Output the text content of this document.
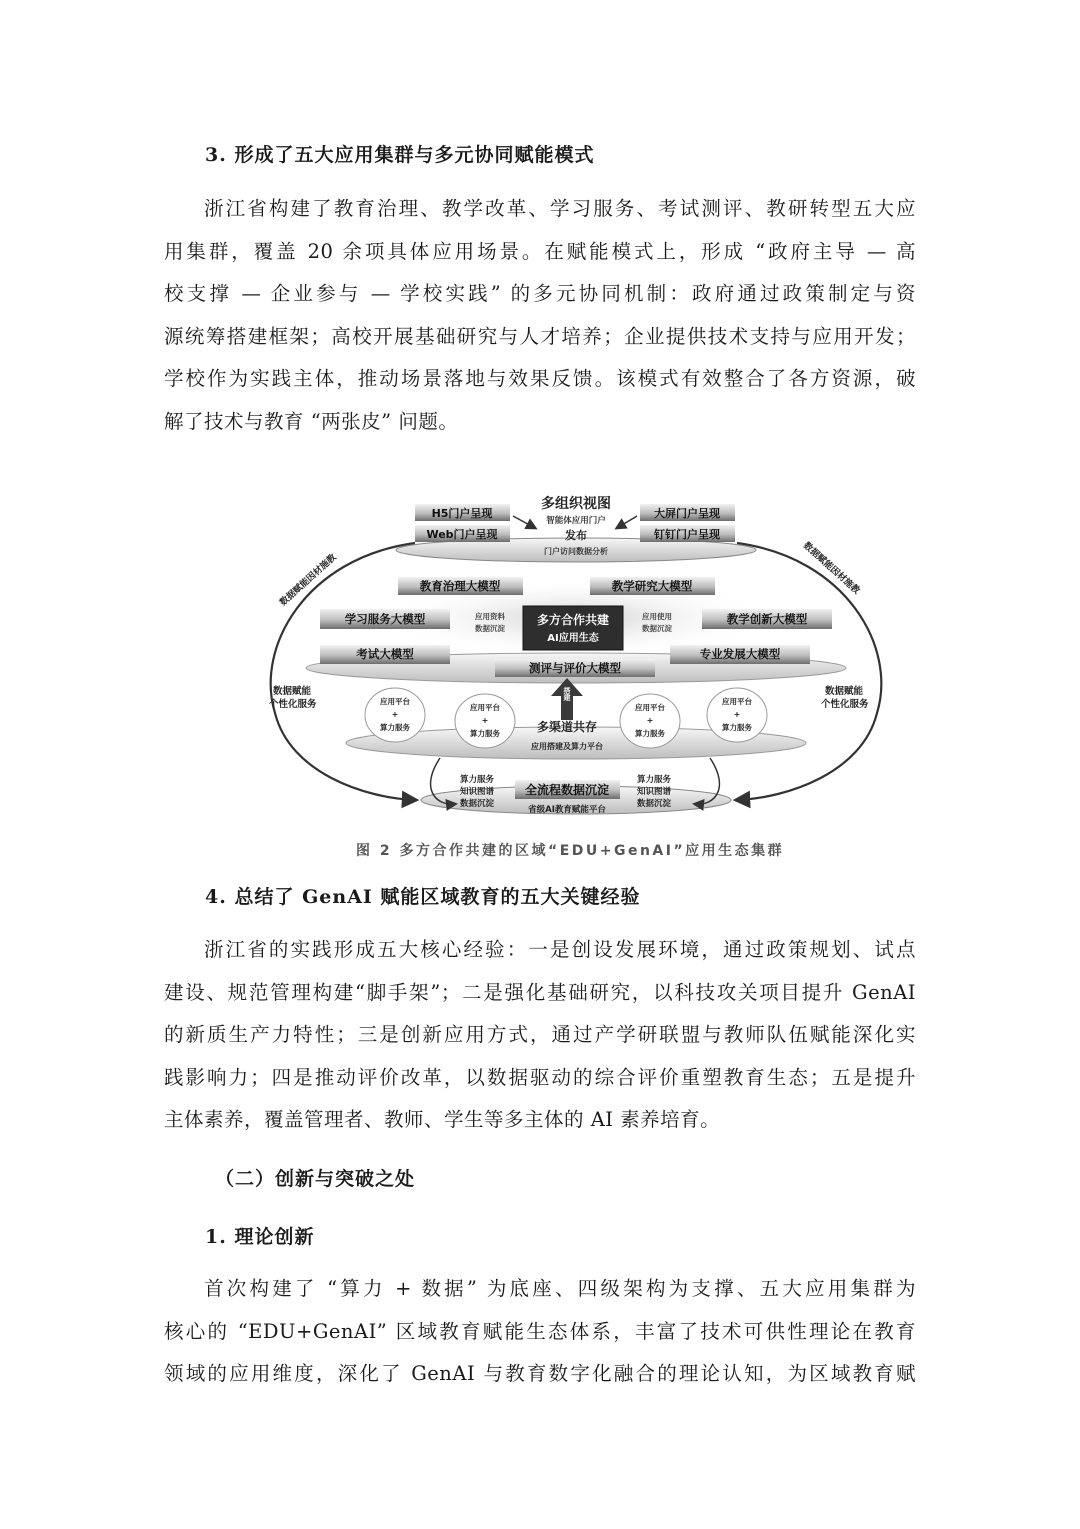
3. 形成了五大应用集群与多元协同赋能模式
浙江省构建了教育治理、教学改革、学习服务、考试测评、教研转型五大应
用集群，覆盖 20 余项具体应用场景。在赋能模式上，形成 “政府主导 — 高
校支撑 — 企业参与 — 学校实践” 的多元协同机制：政府通过政策制定与资
源统筹搭建框架；高校开展基础研究与人才培养；企业提供技术支持与应用开发；
学校作为实践主体，推动场景落地与效果反馈。该模式有效整合了各方资源，破
解了技术与教育 “两张皮” 问题。
多组织视图
智能体应用门户
发布
门户访问数据分析
H5门户呈现
Web门户呈现
大屏门户呈现
钉钉门户呈现
数据赋能因材施教	数据赋能因材施教
教育治理大模型	教学研究大模型
学习服务大模型	教学创新大模型
考试大模型	专业发展大模型
测评与评价大模型
多方合作共建
AI应用生态
应用资料
数据沉淀
应用使用
数据沉淀
数据赋能
个性化服务
数据赋能
个性化服务
应用平台
+
算力服务
应用平台
+
算力服务
应用平台
+
算力服务
应用平台
+
算力服务
搭建
多渠道共存
应用搭建及算力平台
算力服务
知识图谱
数据沉淀
算力服务
知识图谱
数据沉淀
全流程数据沉淀
省级AI教育赋能平台
图 2 多方合作共建的区域“EDU+GenAI”应用生态集群
4. 总结了 GenAI 赋能区域教育的五大关键经验
浙江省的实践形成五大核心经验：一是创设发展环境，通过政策规划、试点
建设、规范管理构建“脚手架”；二是强化基础研究，以科技攻关项目提升 GenAI
的新质生产力特性；三是创新应用方式，通过产学研联盟与教师队伍赋能深化实
践影响力；四是推动评价改革，以数据驱动的综合评价重塑教育生态；五是提升
主体素养，覆盖管理者、教师、学生等多主体的 AI 素养培育。
（二）创新与突破之处
1. 理论创新
首次构建了 “算力 + 数据” 为底座、四级架构为支撑、五大应用集群为
核心的 “EDU+GenAI” 区域教育赋能生态体系，丰富了技术可供性理论在教育
领域的应用维度，深化了 GenAI 与教育数字化融合的理论认知，为区域教育赋
